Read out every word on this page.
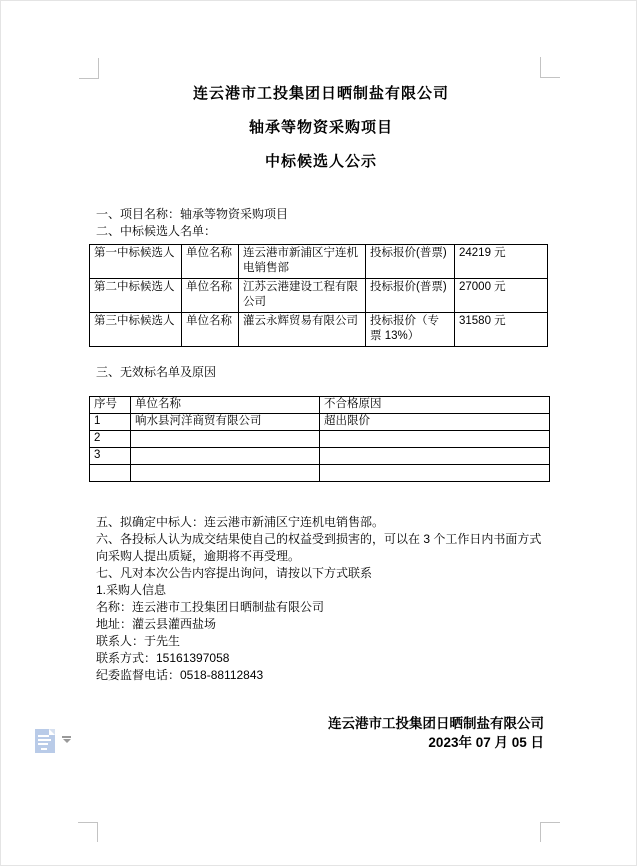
连云港市工投集团日晒制盐有限公司
轴承等物资采购项目
中标候选人公示
一、项目名称：轴承等物资采购项目
二、中标候选人名单：
第一中标候选人	单位名称	连云港市新浦区宁连机电销售部	投标报价(普票)	24219 元
第二中标候选人	单位名称	江苏云港建设工程有限公司	投标报价(普票)	27000 元
第三中标候选人	单位名称	灌云永辉贸易有限公司	投标报价（专票 13%）	31580 元
三、无效标名单及原因
序号	单位名称	不合格原因
1	响水县河洋商贸有限公司	超出限价
2		
3		

五、拟确定中标人：连云港市新浦区宁连机电销售部。
六、各投标人认为成交结果使自己的权益受到损害的，可以在 3 个工作日内书面方式向采购人提出质疑，逾期将不再受理。
七、凡对本次公告内容提出询问，请按以下方式联系
1.采购人信息
名称：连云港市工投集团日晒制盐有限公司
地址：灌云县灌西盐场
联系人：于先生
联系方式：15161397058
纪委监督电话：0518-88112843
连云港市工投集团日晒制盐有限公司
2023年 07 月 05 日
